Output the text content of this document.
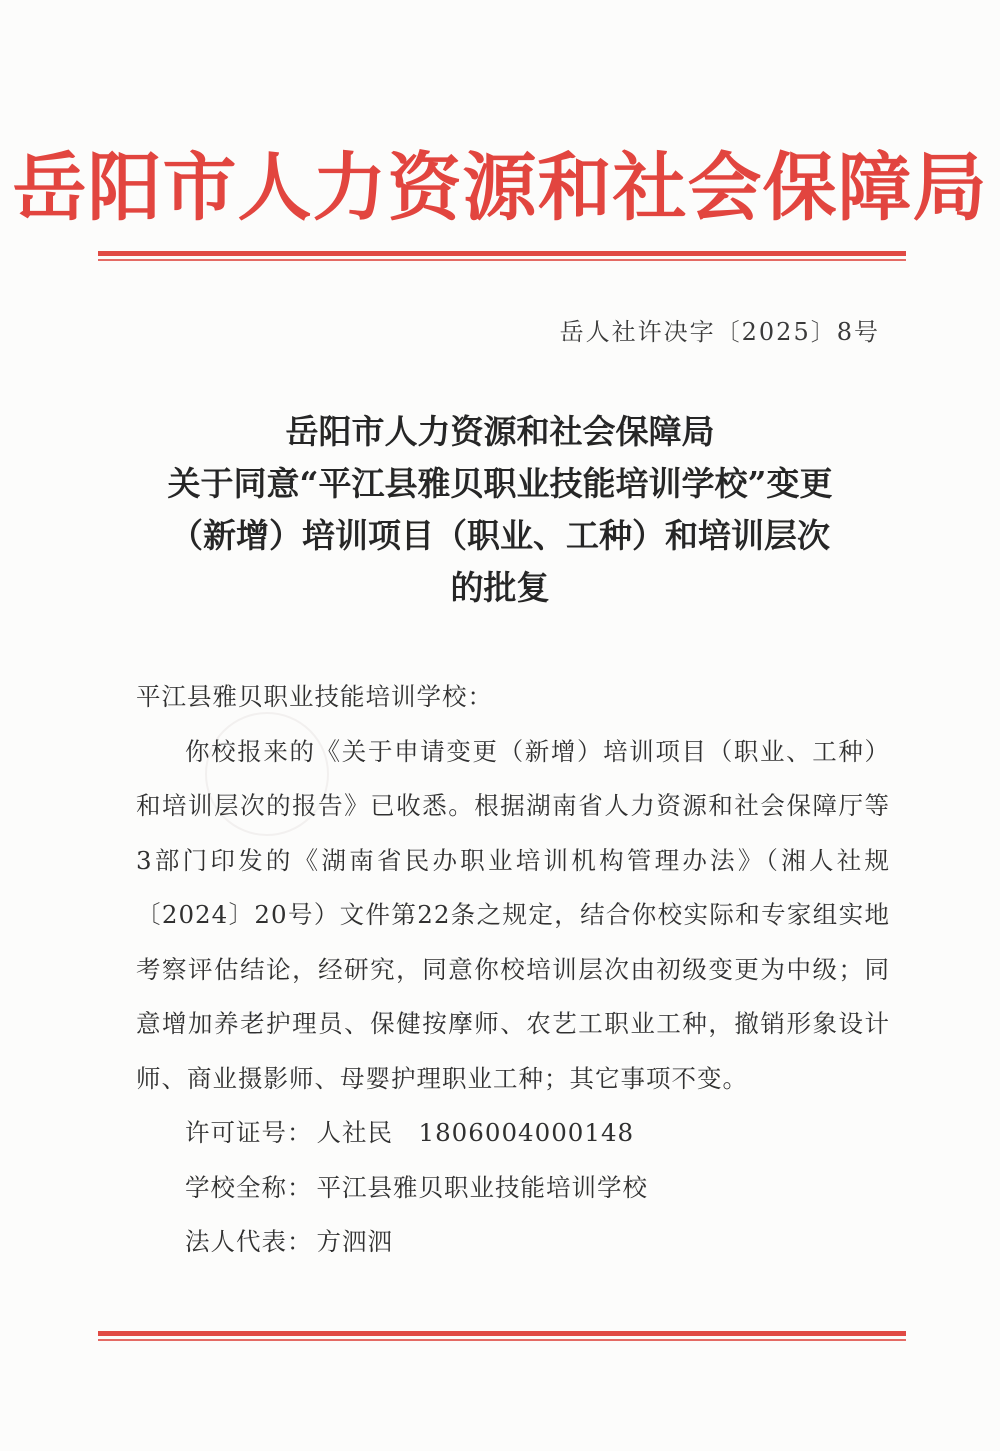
岳阳市人力资源和社会保障局
岳人社许决字〔2025〕8号
岳阳市人力资源和社会保障局
关于同意“平江县雅贝职业技能培训学校”变更
（新增）培训项目（职业、工种）和培训层次
的批复
平江县雅贝职业技能培训学校：
你校报来的《关于申请变更（新增）培训项目（职业、工种）和培训层次的报告》已收悉。根据湖南省人力资源和社会保障厅等3部门印发的《湖南省民办职业培训机构管理办法》（湘人社规〔2024〕20号）文件第22条之规定，结合你校实际和专家组实地考察评估结论，经研究，同意你校培训层次由初级变更为中级；同意增加养老护理员、保健按摩师、农艺工职业工种，撤销形象设计师、商业摄影师、母婴护理职业工种；其它事项不变。
许可证号： 人社民　1806004000148
学校全称： 平江县雅贝职业技能培训学校
法人代表： 方泗泗
